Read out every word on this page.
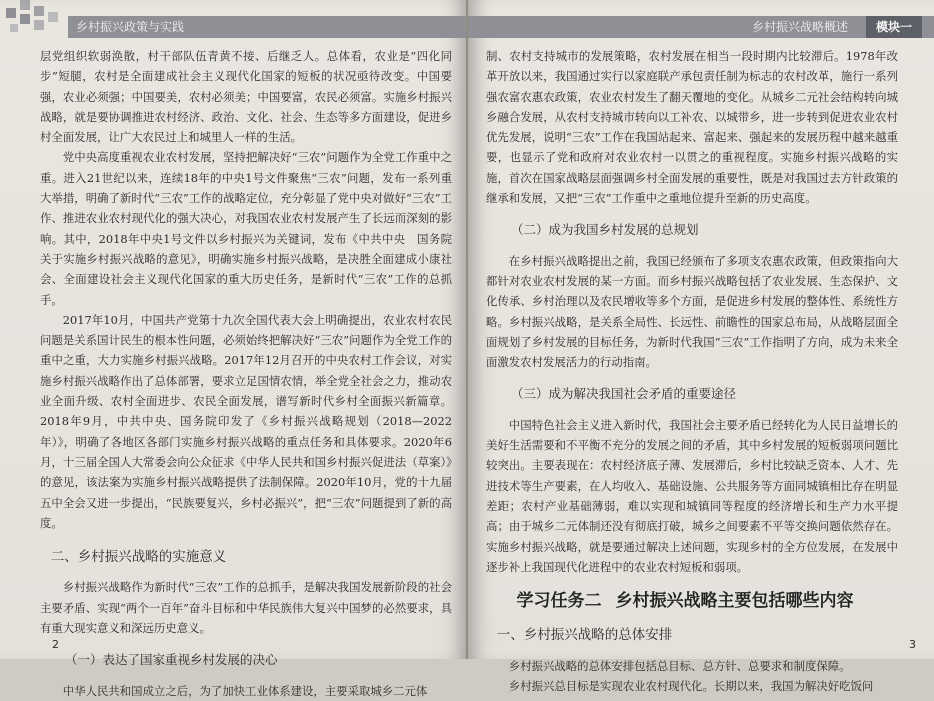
乡村振兴政策与实践

层党组织软弱涣散，村干部队伍青黄不接、后继乏人。总体看，农业是“四化同步”短腿，农村是全面建成社会主义现代化国家的短板的状况亟待改变。中国要强，农业必须强；中国要美，农村必须美；中国要富，农民必须富。实施乡村振兴战略，就是要协调推进农村经济、政治、文化、社会、生态等多方面建设，促进乡村全面发展，让广大农民过上和城里人一样的生活。

党中央高度重视农业农村发展，坚持把解决好“三农”问题作为全党工作重中之重。进入21世纪以来，连续18年的中央1号文件聚焦“三农”问题，发布一系列重大举措，明确了新时代“三农”工作的战略定位，充分彰显了党中央对做好“三农”工作、推进农业农村现代化的强大决心，对我国农业农村发展产生了长远而深刻的影响。其中，2018年中央1号文件以乡村振兴为关键词，发布《中共中央　国务院关于实施乡村振兴战略的意见》，明确实施乡村振兴战略，是决胜全面建成小康社会、全面建设社会主义现代化国家的重大历史任务，是新时代“三农”工作的总抓手。

2017年10月，中国共产党第十九次全国代表大会上明确提出，农业农村农民问题是关系国计民生的根本性问题，必须始终把解决好“三农”问题作为全党工作的重中之重，大力实施乡村振兴战略。2017年12月召开的中央农村工作会议，对实施乡村振兴战略作出了总体部署，要求立足国情农情，举全党全社会之力，推动农业全面升级、农村全面进步、农民全面发展，谱写新时代乡村全面振兴新篇章。2018年9月，中共中央、国务院印发了《乡村振兴战略规划（2018—2022年）》，明确了各地区各部门实施乡村振兴战略的重点任务和具体要求。2020年6月，十三届全国人大常委会向公众征求《中华人民共和国乡村振兴促进法（草案）》的意见，该法案为实施乡村振兴战略提供了法制保障。2020年10月，党的十九届五中全会又进一步提出，“民族要复兴，乡村必振兴”，把“三农”问题提到了新的高度。

二、乡村振兴战略的实施意义

乡村振兴战略作为新时代“三农”工作的总抓手，是解决我国发展新阶段的社会主要矛盾、实现“两个一百年”奋斗目标和中华民族伟大复兴中国梦的必然要求，具有重大现实意义和深远历史意义。

（一）表达了国家重视乡村发展的决心

中华人民共和国成立之后，为了加快工业体系建设，主要采取城乡二元体

2
乡村振兴战略概述	模块一

制、农村支持城市的发展策略，农村发展在相当一段时期内比较滞后。1978年改革开放以来，我国通过实行以家庭联产承包责任制为标志的农村改革，施行一系列强农富农惠农政策，农业农村发生了翻天覆地的变化。从城乡二元社会结构转向城乡融合发展，从农村支持城市转向以工补农、以城带乡，进一步转到促进农业农村优先发展，说明“三农”工作在我国站起来、富起来、强起来的发展历程中越来越重要，也显示了党和政府对农业农村一以贯之的重视程度。实施乡村振兴战略的实施，首次在国家战略层面强调乡村全面发展的重要性，既是对我国过去方针政策的继承和发展，又把“三农”工作重中之重地位提升至新的历史高度。

（二）成为我国乡村发展的总规划

在乡村振兴战略提出之前，我国已经颁布了多项支农惠农政策，但政策指向大都针对农业农村发展的某一方面。而乡村振兴战略包括了农业发展、生态保护、文化传承、乡村治理以及农民增收等多个方面，是促进乡村发展的整体性、系统性方略。乡村振兴战略，是关系全局性、长远性、前瞻性的国家总布局，从战略层面全面规划了乡村发展的目标任务，为新时代我国“三农”工作指明了方向，成为未来全面激发农村发展活力的行动指南。

（三）成为解决我国社会矛盾的重要途径

中国特色社会主义进入新时代，我国社会主要矛盾已经转化为人民日益增长的美好生活需要和不平衡不充分的发展之间的矛盾，其中乡村发展的短板弱项问题比较突出。主要表现在：农村经济底子薄、发展滞后，乡村比较缺乏资本、人才、先进技术等生产要素，在人均收入、基础设施、公共服务等方面同城镇相比存在明显差距；农村产业基础薄弱，难以实现和城镇同等程度的经济增长和生产力水平提高；由于城乡二元体制还没有彻底打破，城乡之间要素不平等交换问题依然存在。实施乡村振兴战略，就是要通过解决上述问题，实现乡村的全方位发展，在发展中逐步补上我国现代化进程中的农业农村短板和弱项。

学习任务二 乡村振兴战略主要包括哪些内容
一、乡村振兴战略的总体安排

乡村振兴战略的总体安排包括总目标、总方针、总要求和制度保障。

乡村振兴总目标是实现农业农村现代化。长期以来，我国为解决好吃饭问

3
